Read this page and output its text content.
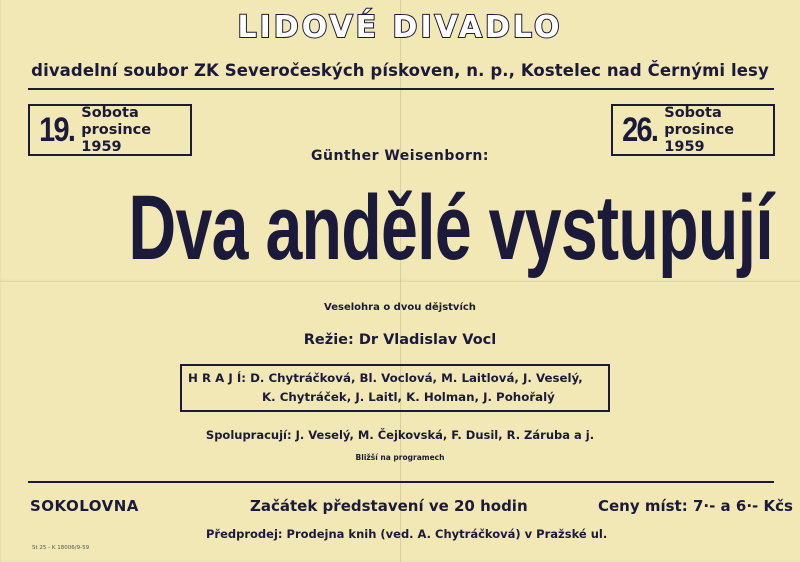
LIDOVÉ DIVADLO
divadelní soubor ZK Severočeských pískoven, n. p., Kostelec nad Černými lesy
19. Sobota
prosince 1959	26. Sobota
prosince 1959
Günther Weisenborn:
Dva andělé vystupují
Veselohra o dvou dějstvích
Režie: Dr Vladislav Vocl
H R A J Í: D. Chytráčková, Bl. Voclová, M. Laitlová, J. Veselý,
K. Chytráček, J. Laitl, K. Holman, J. Pohořalý
Spolupracují: J. Veselý, M. Čejkovská, F. Dusil, R. Záruba a j.
Bližší na programech
SOKOLOVNA	Začátek představení ve 20 hodin	Ceny míst: 7·- a 6·- Kčs
Předprodej: Prodejna knih (ved. A. Chytráčková) v Pražské ul.
St 25 - K 18006/9-59
